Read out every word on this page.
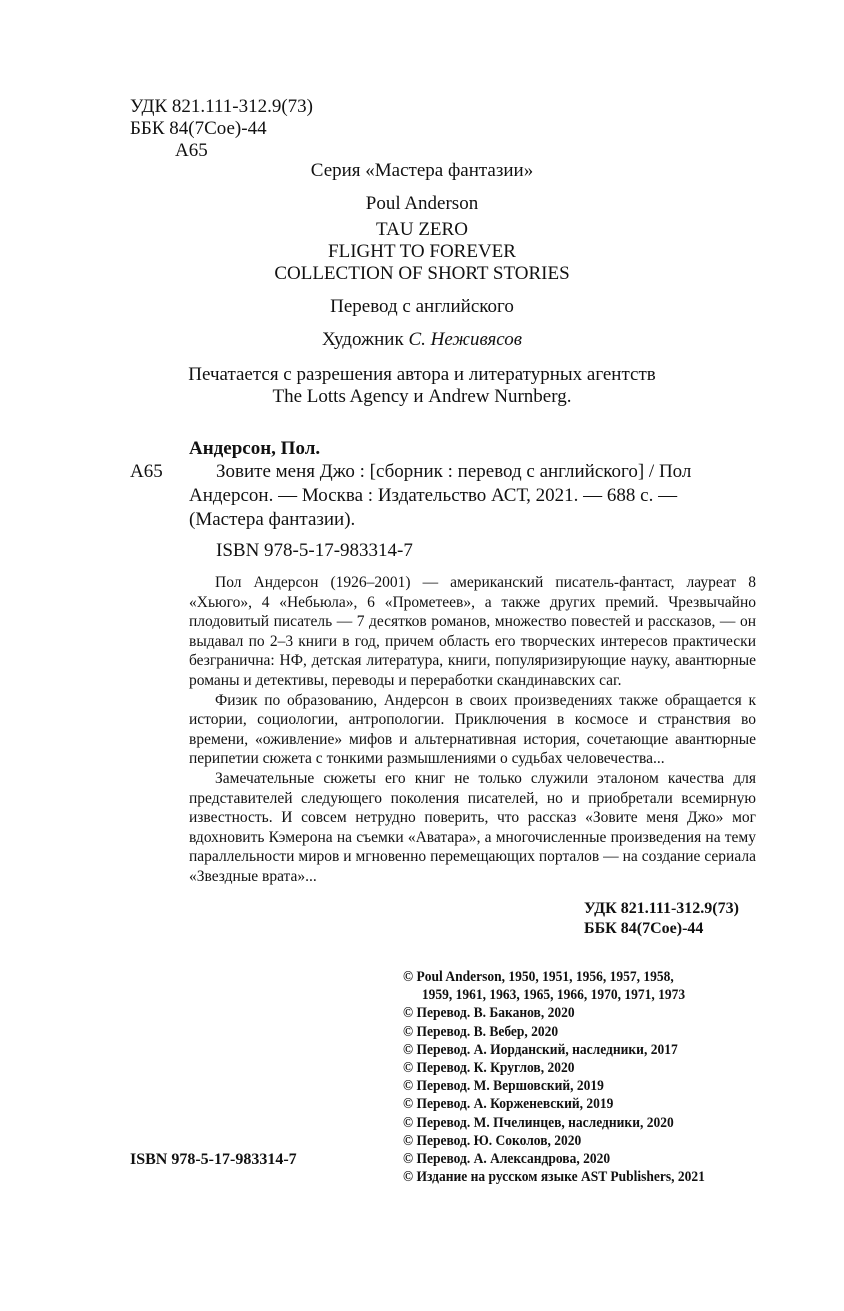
УДК 821.111-312.9(73)
ББК 84(7Сое)-44
А65
Серия «Мастера фантазии»
Poul Anderson
TAU ZERO
FLIGHT TO FOREVER
COLLECTION OF SHORT STORIES
Перевод с английского
Художник С. Неживясов
Печатается с разрешения автора и литературных агентств
The Lotts Agency и Andrew Nurnberg.
Андерсон, Пол.
А65	Зовите меня Джо : [сборник : перевод с английского] / Пол
Андерсон. — Москва : Издательство АСТ, 2021. — 688 с. —
(Мастера фантазии).
ISBN 978-5-17-983314-7

Пол Андерсон (1926–2001) — американский писатель-фантаст, лауреат 8 «Хьюго», 4 «Небьюла», 6 «Прометеев», а также других премий. Чрезвычайно плодовитый писатель — 7 десятков романов, множество повестей и рассказов, — он выдавал по 2–3 книги в год, причем область его творческих интересов практически безгранична: НФ, детская литература, книги, популяризирующие науку, авантюрные романы и детективы, переводы и переработки скандинавских саг.

Физик по образованию, Андерсон в своих произведениях также обращается к истории, социологии, антропологии. Приключения в космосе и странствия во времени, «оживление» мифов и альтернативная история, сочетающие авантюрные перипетии сюжета с тонкими размышлениями о судьбах человечества...

Замечательные сюжеты его книг не только служили эталоном качества для представителей следующего поколения писателей, но и приобретали всемирную известность. И совсем нетрудно поверить, что рассказ «Зовите меня Джо» мог вдохновить Кэмерона на съемки «Аватара», а многочисленные произведения на тему параллельности миров и мгновенно перемещающих порталов — на создание сериала «Звездные врата»...

УДК 821.111-312.9(73)
ББК 84(7Сое)-44
© Poul Anderson, 1950, 1951, 1956, 1957, 1958,
1959, 1961, 1963, 1965, 1966, 1970, 1971, 1973
© Перевод. В. Баканов, 2020
© Перевод. В. Вебер, 2020
© Перевод. А. Иорданский, наследники, 2017
© Перевод. К. Круглов, 2020
© Перевод. М. Вершовский, 2019
© Перевод. А. Корженевский, 2019
© Перевод. М. Пчелинцев, наследники, 2020
© Перевод. Ю. Соколов, 2020
© Перевод. А. Александрова, 2020
© Издание на русском языке AST Publishers, 2021
ISBN 978-5-17-983314-7
